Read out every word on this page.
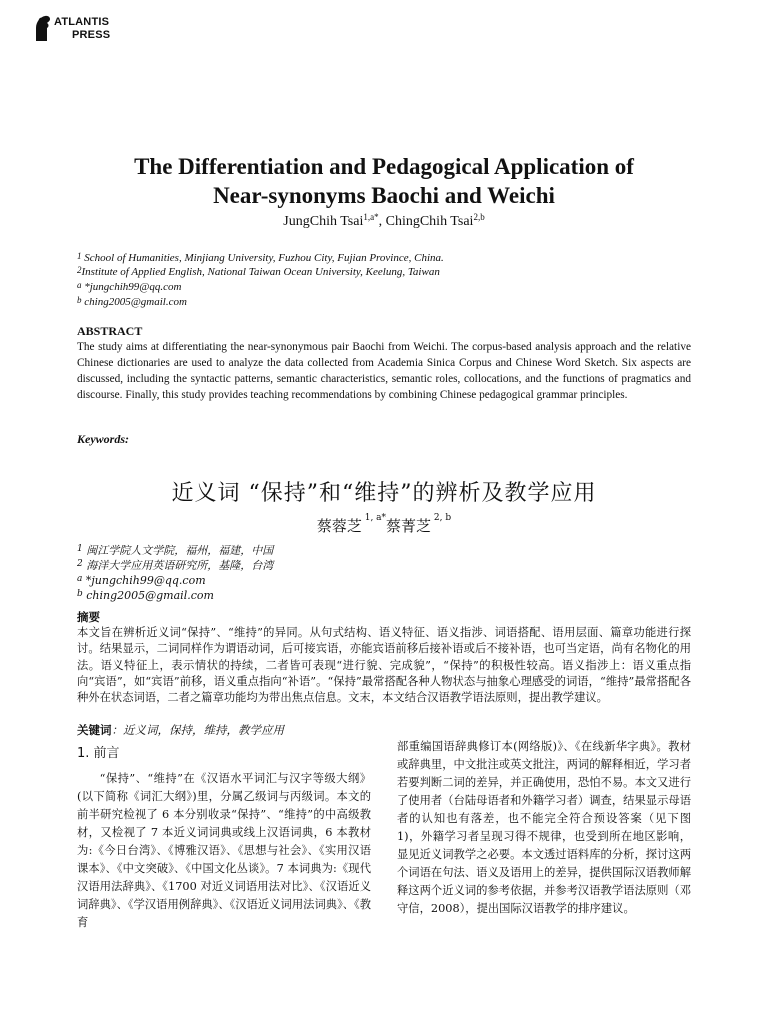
ATLANTIS
PRESS
The Differentiation and Pedagogical Application of
Near-synonyms Baochi and Weichi
JungChih Tsai$^{1,a*}$, ChingChih Tsai$^{2,b}$
$^1$ School of Humanities, Minjiang University, Fuzhou City, Fujian Province, China.
$^2$Institute of Applied English, National Taiwan Ocean University, Keelung, Taiwan
$^a$ *jungchih99@qq.com
$^b$ ching2005@gmail.com
ABSTRACT
The study aims at differentiating the near-synonymous pair Baochi from Weichi. The corpus-based analysis approach and the relative Chinese dictionaries are used to analyze the data collected from Academia Sinica Corpus and Chinese Word Sketch. Six aspects are discussed, including the syntactic patterns, semantic characteristics, semantic roles, collocations, and the functions of pragmatics and discourse. Finally, this study provides teaching recommendations by combining Chinese pedagogical grammar principles.
Keywords:
近义词 “保持”和“维持”的辨析及教学应用
蔡蓉芝 $^{1, a*}$蔡菁芝 $^{2, b}$
$^1$ 闽江学院人文学院，福州，福建，中国
$^2$ 海洋大学应用英语研究所，基隆，台湾
$^a$ *jungchih99@qq.com
$^b$ ching2005@gmail.com
摘要
本文旨在辨析近义词“保持”、“维持”的异同。从句式结构、语义特征、语义指涉、词语搭配、语用层面、篇章功能进行探讨。结果显示，二词同样作为谓语动词，后可接宾语，亦能宾语前移后接补语或后不接补语，也可当定语，尚有名物化的用法。语义特征上，表示情状的持续，二者皆可表现“进行貌、完成貌”，“保持”的积极性较高。语义指涉上：语义重点指向“宾语”，如“宾语”前移，语义重点指向“补语”。“保持”最常搭配各种人物状态与抽象心理感受的词语，“维持”最常搭配各种外在状态词语，二者之篇章功能均为带出焦点信息。文末，本文结合汉语教学语法原则，提出教学建议。
关键词：近义词，保持，维持，教学应用
1. 前言
“保持”、“维持”在《汉语水平词汇与汉字等级大纲》(以下简称《词汇大纲》)里，分属乙级词与丙级词。本文的前半研究检视了 6 本分别收录“保持”、“维持”的中高级教材，又检视了 7 本近义词词典或线上汉语词典，6 本教材为:《今日台湾》、《博雅汉语》、《思想与社会》、《实用汉语课本》、《中文突破》、《中国文化丛谈》。7 本词典为:《现代汉语用法辞典》、《1700 对近义词语用法对比》、《汉语近义词辞典》、《学汉语用例辞典》、《汉语近义词用法词典》、《教育
部重编国语辞典修订本(网络版)》、《在线新华字典》。教材或辞典里，中文批注或英文批注，两词的解释相近，学习者若要判断二词的差异，并正确使用，恐怕不易。本文又进行了使用者（台陆母语者和外籍学习者）调查，结果显示母语者的认知也有落差，也不能完全符合预设答案（见下图 1)，外籍学习者呈现习得不规律，也受到所在地区影响，显见近义词教学之必要。本文透过语料库的分析，探讨这两个词语在句法、语义及语用上的差异，提供国际汉语教师解释这两个近义词的参考依据，并参考汉语教学语法原则（邓守信，2008），提出国际汉语教学的排序建议。
